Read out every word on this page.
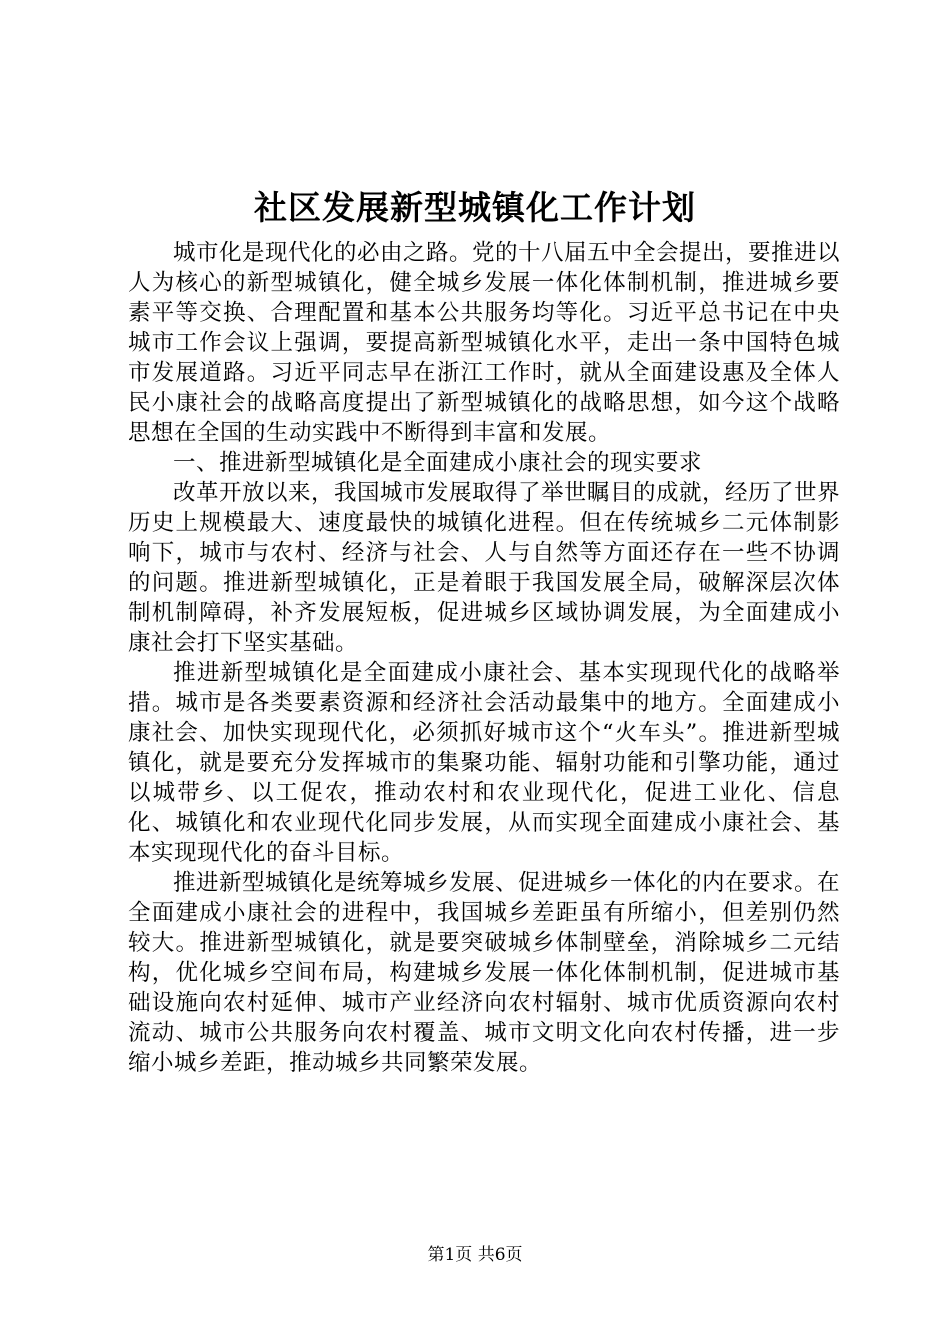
社区发展新型城镇化工作计划

城市化是现代化的必由之路。党的十八届五中全会提出，要推进以人为核心的新型城镇化，健全城乡发展一体化体制机制，推进城乡要素平等交换、合理配置和基本公共服务均等化。习近平总书记在中央城市工作会议上强调，要提高新型城镇化水平，走出一条中国特色城市发展道路。习近平同志早在浙江工作时，就从全面建设惠及全体人民小康社会的战略高度提出了新型城镇化的战略思想，如今这个战略思想在全国的生动实践中不断得到丰富和发展。

一、推进新型城镇化是全面建成小康社会的现实要求

改革开放以来，我国城市发展取得了举世瞩目的成就，经历了世界历史上规模最大、速度最快的城镇化进程。但在传统城乡二元体制影响下，城市与农村、经济与社会、人与自然等方面还存在一些不协调的问题。推进新型城镇化，正是着眼于我国发展全局，破解深层次体制机制障碍，补齐发展短板，促进城乡区域协调发展，为全面建成小康社会打下坚实基础。

推进新型城镇化是全面建成小康社会、基本实现现代化的战略举措。城市是各类要素资源和经济社会活动最集中的地方。全面建成小康社会、加快实现现代化，必须抓好城市这个“火车头”。推进新型城镇化，就是要充分发挥城市的集聚功能、辐射功能和引擎功能，通过以城带乡、以工促农，推动农村和农业现代化，促进工业化、信息化、城镇化和农业现代化同步发展，从而实现全面建成小康社会、基本实现现代化的奋斗目标。

推进新型城镇化是统筹城乡发展、促进城乡一体化的内在要求。在全面建成小康社会的进程中，我国城乡差距虽有所缩小，但差别仍然较大。推进新型城镇化，就是要突破城乡体制壁垒，消除城乡二元结构，优化城乡空间布局，构建城乡发展一体化体制机制，促进城市基础设施向农村延伸、城市产业经济向农村辐射、城市优质资源向农村流动、城市公共服务向农村覆盖、城市文明文化向农村传播，进一步缩小城乡差距，推动城乡共同繁荣发展。

第1页 共6页
